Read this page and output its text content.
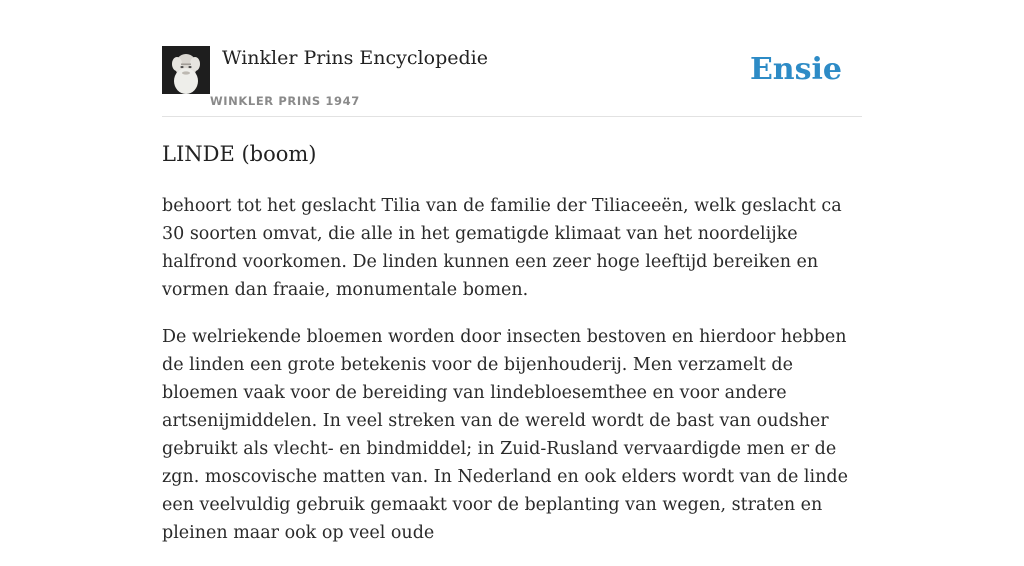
Winkler Prins Encyclopedie
WINKLER PRINS 1947
Ensie
LINDE (boom)

behoort tot het geslacht Tilia van de familie der Tiliaceeën, welk geslacht ca 30 soorten omvat, die alle in het gematigde klimaat van het noordelijke halfrond voorkomen. De linden kunnen een zeer hoge leeftijd bereiken en vormen dan fraaie, monumentale bomen.

De welriekende bloemen worden door insecten bestoven en hierdoor hebben de linden een grote betekenis voor de bijenhouderij. Men verzamelt de bloemen vaak voor de bereiding van lindebloesemthee en voor andere artsenijmiddelen. In veel streken van de wereld wordt de bast van oudsher gebruikt als vlecht- en bindmiddel; in Zuid-Rusland vervaardigde men er de zgn. moscovische matten van. In Nederland en ook elders wordt van de linde een veelvuldig gebruik gemaakt voor de beplanting van wegen, straten en pleinen maar ook op veel oude
